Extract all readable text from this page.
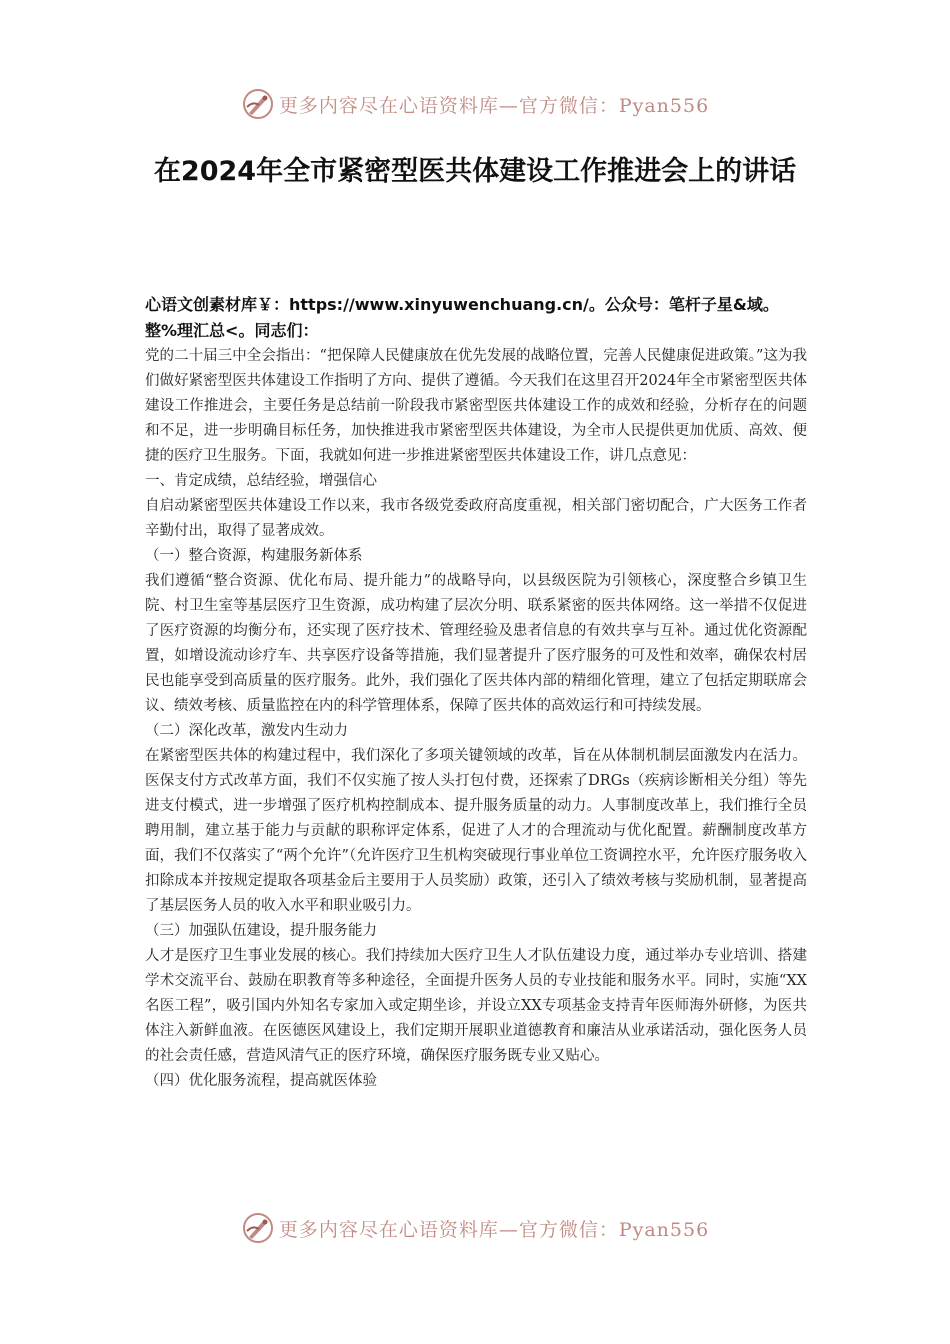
更多内容尽在心语资料库—官方微信：Pyan556
在2024年全市紧密型医共体建设工作推进会上的讲话
心语文创素材库￥：https://www.xinyuwenchuang.cn/。公众号：笔杆子星&域。整%理汇总<。同志们：

党的二十届三中全会指出：“把保障人民健康放在优先发展的战略位置，完善人民健康促进政策。”这为我们做好紧密型医共体建设工作指明了方向、提供了遵循。今天我们在这里召开2024年全市紧密型医共体建设工作推进会，主要任务是总结前一阶段我市紧密型医共体建设工作的成效和经验，分析存在的问题和不足，进一步明确目标任务，加快推进我市紧密型医共体建设，为全市人民提供更加优质、高效、便捷的医疗卫生服务。下面，我就如何进一步推进紧密型医共体建设工作，讲几点意见：

一、肯定成绩，总结经验，增强信心

自启动紧密型医共体建设工作以来，我市各级党委政府高度重视，相关部门密切配合，广大医务工作者辛勤付出，取得了显著成效。

（一）整合资源，构建服务新体系

我们遵循“整合资源、优化布局、提升能力”的战略导向，以县级医院为引领核心，深度整合乡镇卫生院、村卫生室等基层医疗卫生资源，成功构建了层次分明、联系紧密的医共体网络。这一举措不仅促进了医疗资源的均衡分布，还实现了医疗技术、管理经验及患者信息的有效共享与互补。通过优化资源配置，如增设流动诊疗车、共享医疗设备等措施，我们显著提升了医疗服务的可及性和效率，确保农村居民也能享受到高质量的医疗服务。此外，我们强化了医共体内部的精细化管理，建立了包括定期联席会议、绩效考核、质量监控在内的科学管理体系，保障了医共体的高效运行和可持续发展。

（二）深化改革，激发内生动力

在紧密型医共体的构建过程中，我们深化了多项关键领域的改革，旨在从体制机制层面激发内在活力。医保支付方式改革方面，我们不仅实施了按人头打包付费，还探索了DRGs（疾病诊断相关分组）等先进支付模式，进一步增强了医疗机构控制成本、提升服务质量的动力。人事制度改革上，我们推行全员聘用制，建立基于能力与贡献的职称评定体系，促进了人才的合理流动与优化配置。薪酬制度改革方面，我们不仅落实了“两个允许”（允许医疗卫生机构突破现行事业单位工资调控水平，允许医疗服务收入扣除成本并按规定提取各项基金后主要用于人员奖励）政策，还引入了绩效考核与奖励机制，显著提高了基层医务人员的收入水平和职业吸引力。

（三）加强队伍建设，提升服务能力

人才是医疗卫生事业发展的核心。我们持续加大医疗卫生人才队伍建设力度，通过举办专业培训、搭建学术交流平台、鼓励在职教育等多种途径，全面提升医务人员的专业技能和服务水平。同时，实施“XX名医工程”，吸引国内外知名专家加入或定期坐诊，并设立XX专项基金支持青年医师海外研修，为医共体注入新鲜血液。在医德医风建设上，我们定期开展职业道德教育和廉洁从业承诺活动，强化医务人员的社会责任感，营造风清气正的医疗环境，确保医疗服务既专业又贴心。

（四）优化服务流程，提高就医体验

更多内容尽在心语资料库—官方微信：Pyan556
